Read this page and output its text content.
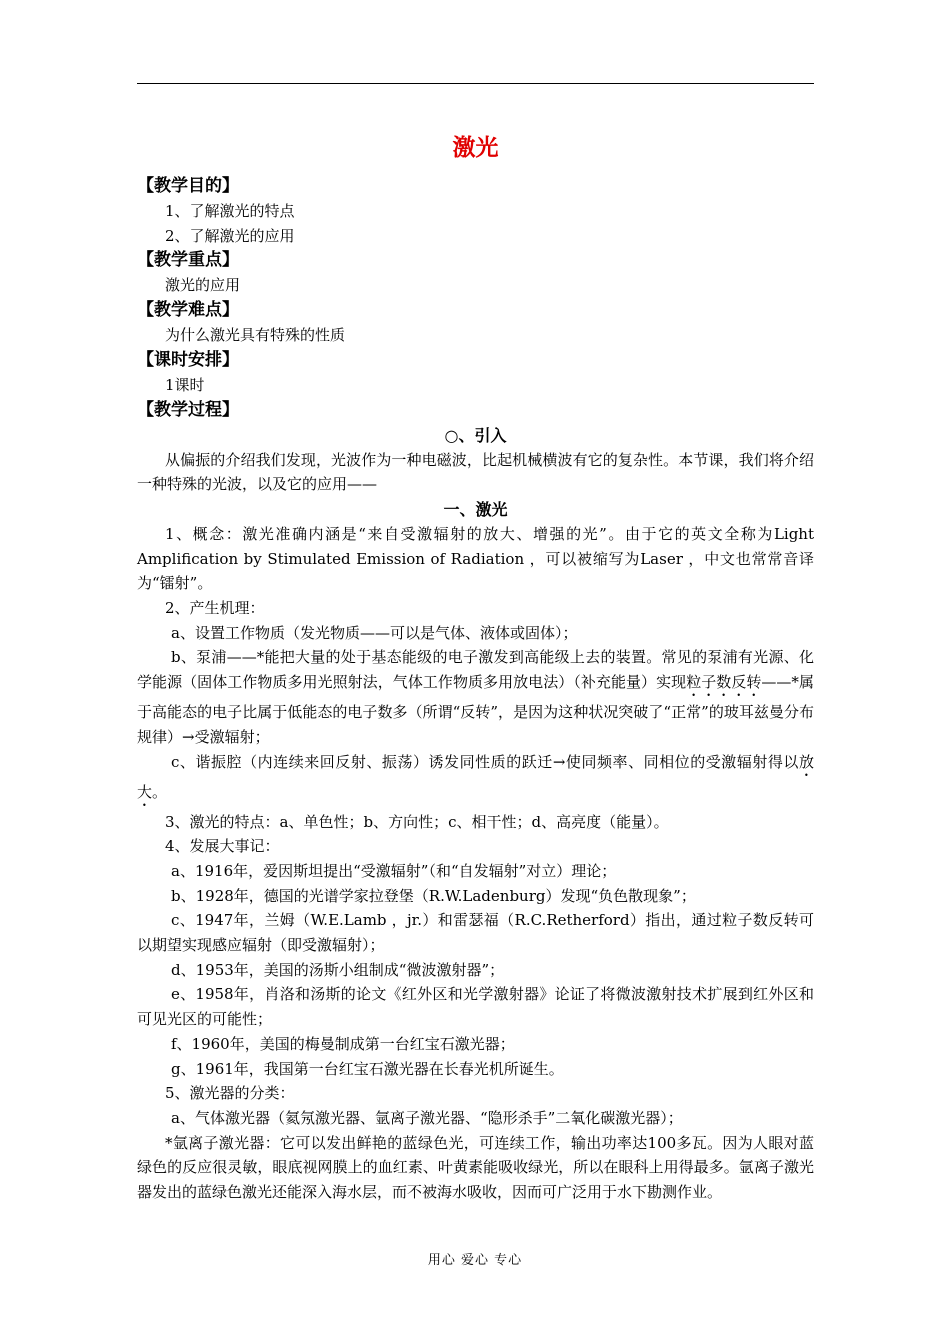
激光
【教学目的】
1、了解激光的特点
2、了解激光的应用
【教学重点】
激光的应用
【教学难点】
为什么激光具有特殊的性质
【课时安排】
1课时
【教学过程】
○、引入
从偏振的介绍我们发现，光波作为一种电磁波，比起机械横波有它的复杂性。本节课，我们将介绍一种特殊的光波，以及它的应用——
一、激光
1、概念：激光准确内涵是“来自受激辐射的放大、增强的光”。由于它的英文全称为Light Amplification by Stimulated Emission of Radiation ，可以被缩写为Laser ，中文也常常音译为“镭射”。
2、产生机理：
a、设置工作物质（发光物质——可以是气体、液体或固体）；
b、泵浦——*能把大量的处于基态能级的电子激发到高能级上去的装置。常见的泵浦有光源、化学能源（固体工作物质多用光照射法，气体工作物质多用放电法）（补充能量）实现粒子数反转——*属于高能态的电子比属于低能态的电子数多（所谓“反转”，是因为这种状况突破了“正常”的玻耳兹曼分布规律）→受激辐射；
c、谐振腔（内连续来回反射、振荡）诱发同性质的跃迁→使同频率、同相位的受激辐射得以放大。
3、激光的特点：a、单色性；b、方向性；c、相干性；d、高亮度（能量）。
4、发展大事记：
a、1916年，爱因斯坦提出“受激辐射”（和“自发辐射”对立）理论；
b、1928年，德国的光谱学家拉登堡（R.W.Ladenburg）发现“负色散现象”；
c、1947年，兰姆（W.E.Lamb ，jr.）和雷瑟福（R.C.Retherford）指出，通过粒子数反转可以期望实现感应辐射（即受激辐射）；
d、1953年，美国的汤斯小组制成“微波激射器”；
e、1958年，肖洛和汤斯的论文《红外区和光学激射器》论证了将微波激射技术扩展到红外区和可见光区的可能性；
f、1960年，美国的梅曼制成第一台红宝石激光器；
g、1961年，我国第一台红宝石激光器在长春光机所诞生。
5、激光器的分类：
a、气体激光器（氦氖激光器、氩离子激光器、“隐形杀手”二氧化碳激光器）；
*氩离子激光器：它可以发出鲜艳的蓝绿色光，可连续工作，输出功率达100多瓦。因为人眼对蓝绿色的反应很灵敏，眼底视网膜上的血红素、叶黄素能吸收绿光，所以在眼科上用得最多。氩离子激光器发出的蓝绿色激光还能深入海水层，而不被海水吸收，因而可广泛用于水下勘测作业。
用心 爱心 专心
